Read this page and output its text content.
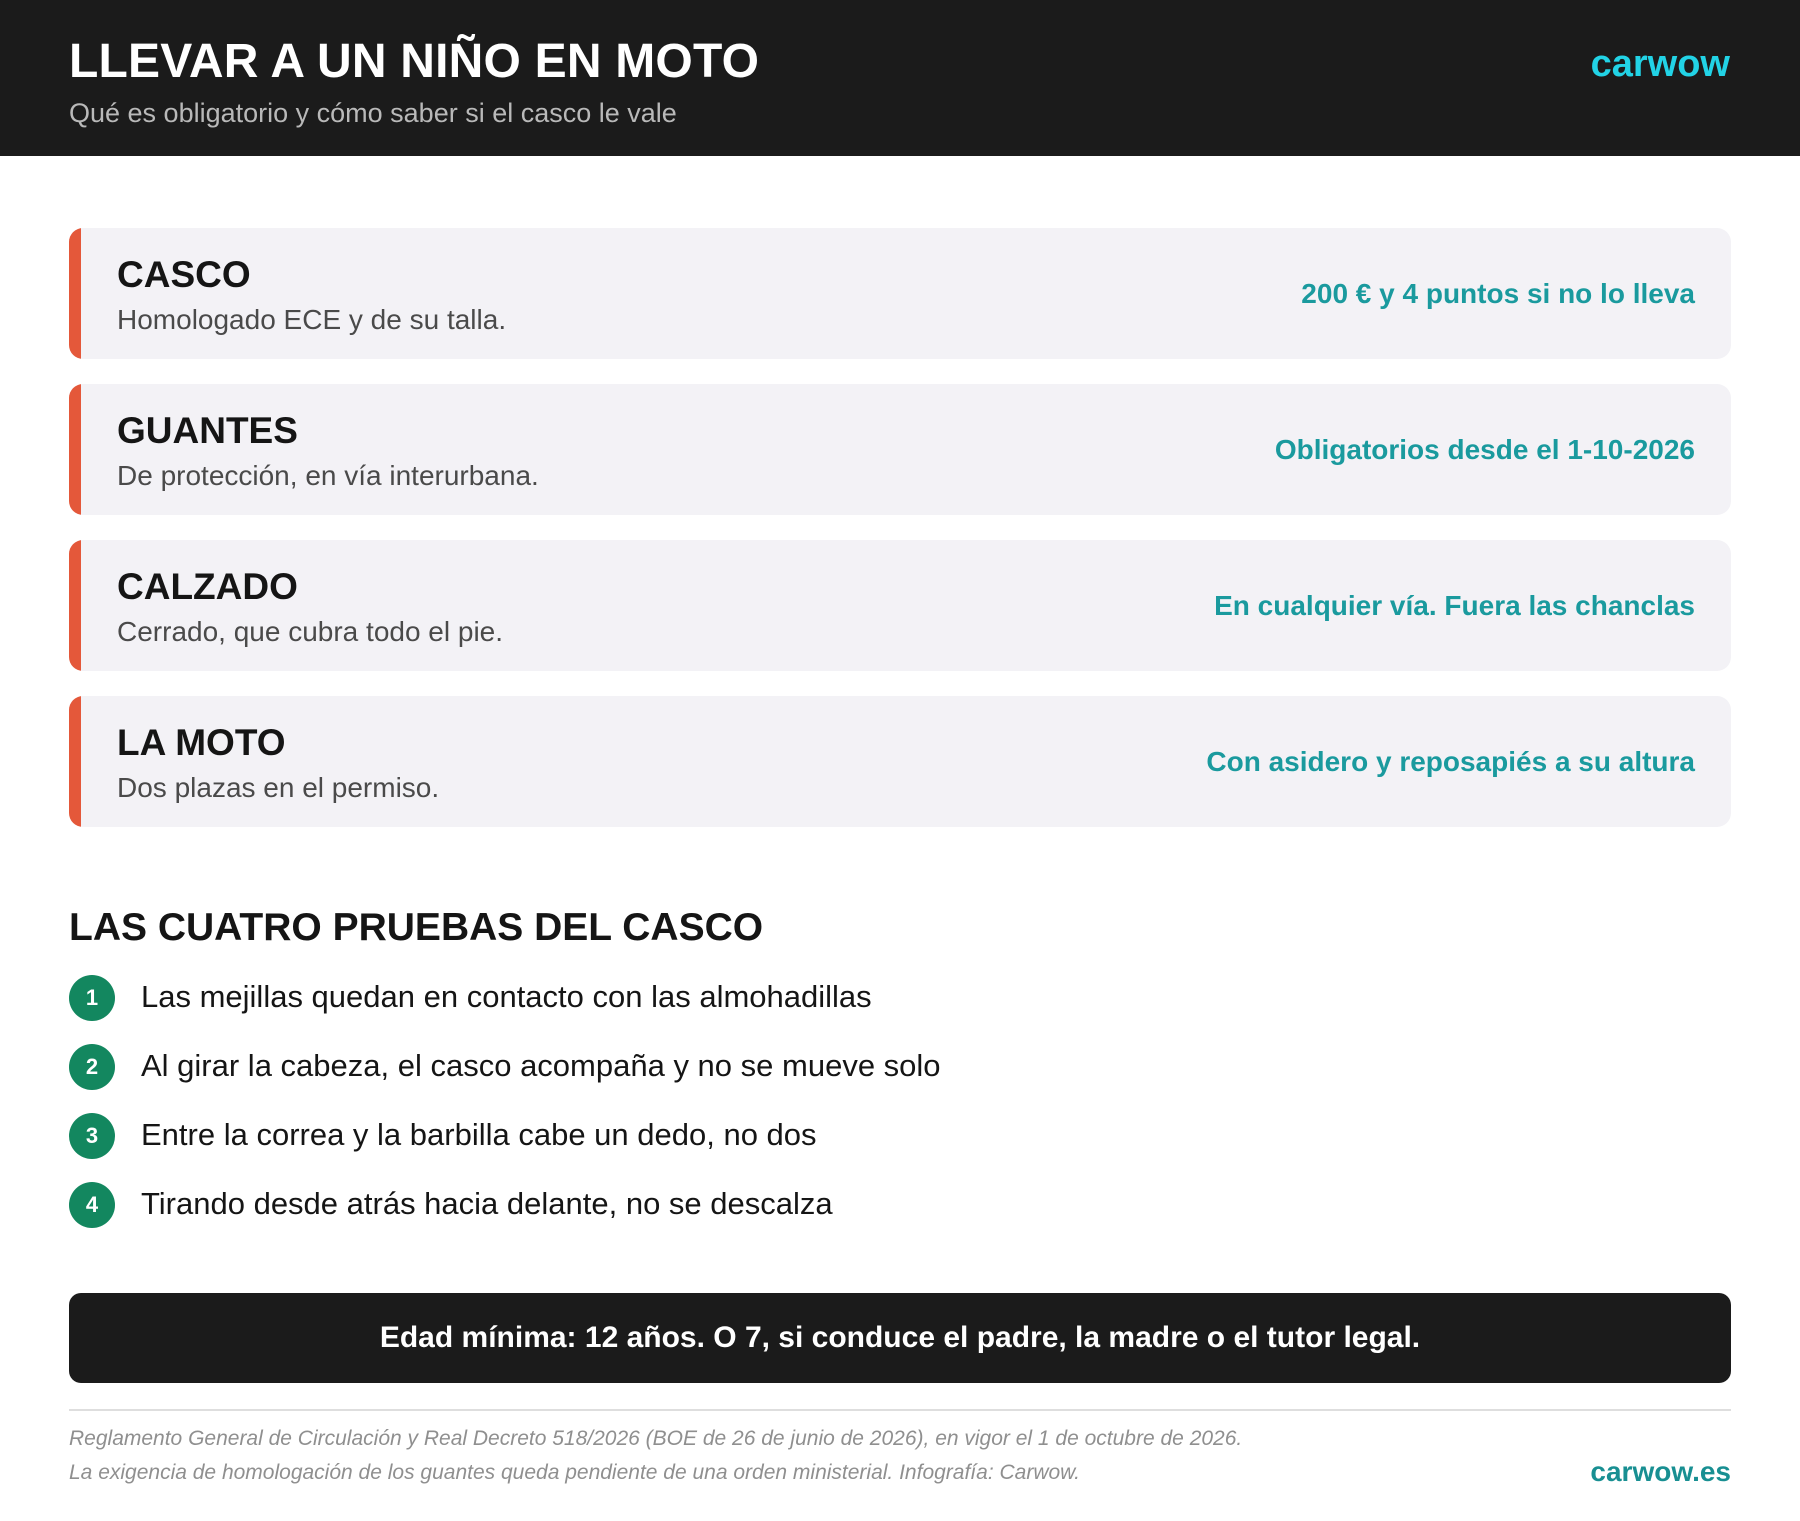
LLEVAR A UN NIÑO EN MOTO
Qué es obligatorio y cómo saber si el casco le vale
carwow
CASCO
Homologado ECE y de su talla.
200 € y 4 puntos si no lo lleva
GUANTES
De protección, en vía interurbana.
Obligatorios desde el 1-10-2026
CALZADO
Cerrado, que cubra todo el pie.
En cualquier vía. Fuera las chanclas
LA MOTO
Dos plazas en el permiso.
Con asidero y reposapiés a su altura
LAS CUATRO PRUEBAS DEL CASCO
1	Las mejillas quedan en contacto con las almohadillas
2	Al girar la cabeza, el casco acompaña y no se mueve solo
3	Entre la correa y la barbilla cabe un dedo, no dos
4	Tirando desde atrás hacia delante, no se descalza
Edad mínima: 12 años. O 7, si conduce el padre, la madre o el tutor legal.
Reglamento General de Circulación y Real Decreto 518/2026 (BOE de 26 de junio de 2026), en vigor el 1 de octubre de 2026.
La exigencia de homologación de los guantes queda pendiente de una orden ministerial. Infografía: Carwow.	carwow.es
